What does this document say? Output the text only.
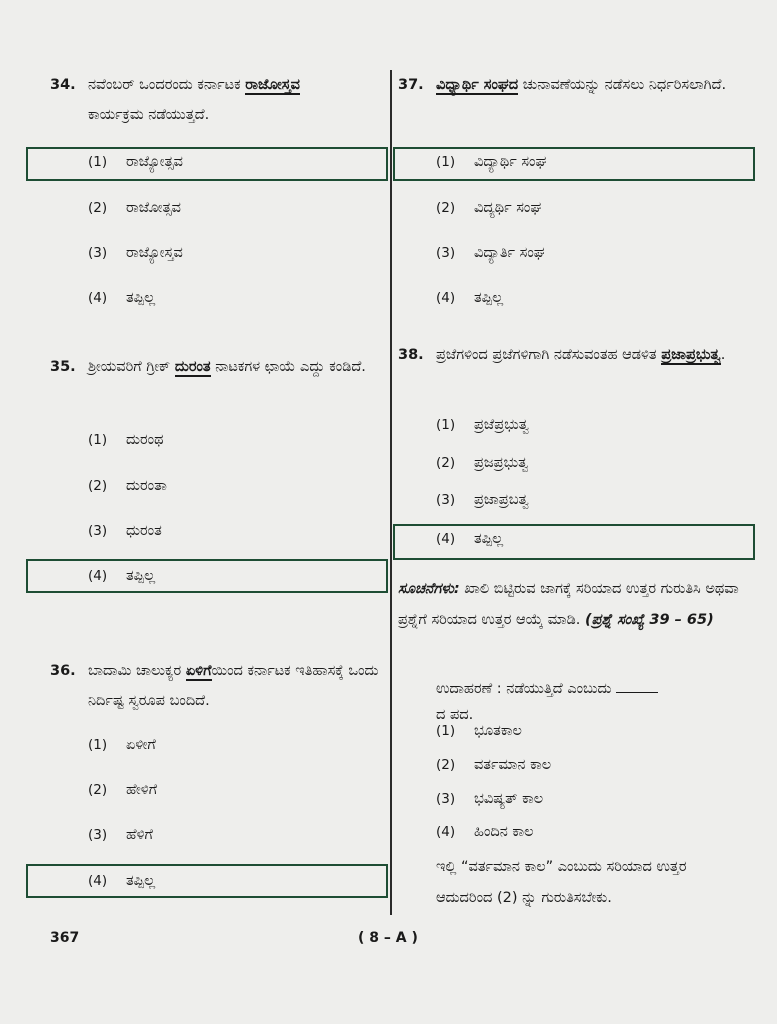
34. ನವೆಂಬರ್ ಒಂದರಂದು ಕರ್ನಾಟಕ ರಾಜೋಸ್ತವ
ಕಾರ್ಯಕ್ರಮ ನಡೆಯುತ್ತದೆ.
(1) ರಾಜ್ಯೋತ್ಸವ
(2) ರಾಜೋತ್ಸವ
(3) ರಾಜ್ಯೋಸ್ತವ
(4) ತಪ್ಪಿಲ್ಲ
35. ಶ್ರೀಯವರಿಗೆ ಗ್ರೀಕ್ ದುರಂತ ನಾಟಕಗಳ ಛಾಯೆ ಎದ್ದು ಕಂಡಿದೆ.
(1) ದುರಂಥ
(2) ದುರಂತಾ
(3) ಧುರಂತ
(4) ತಪ್ಪಿಲ್ಲ
36. ಬಾದಾಮಿ ಚಾಲುಕ್ಯರ ಏಳಿಗೆಯಿಂದ ಕರ್ನಾಟಕ ಇತಿಹಾಸಕ್ಕೆ ಒಂದು ನಿರ್ದಿಷ್ಟ ಸ್ವರೂಪ ಬಂದಿದೆ.
(1) ಏಳೀಗೆ
(2) ಹೇಳಿಗೆ
(3) ಹೆಳಿಗೆ
(4) ತಪ್ಪಿಲ್ಲ
37. ವಿಧ್ಯಾರ್ಥಿ ಸಂಘದ ಚುನಾವಣೆಯನ್ನು ನಡೆಸಲು ನಿರ್ಧರಿಸಲಾಗಿದೆ.
(1) ವಿದ್ಯಾರ್ಥಿ ಸಂಘ
(2) ವಿದ್ಯರ್ಥಿ ಸಂಘ
(3) ವಿದ್ಯಾರ್ತಿ ಸಂಘ
(4) ತಪ್ಪಿಲ್ಲ
38. ಪ್ರಜೆಗಳಿಂದ ಪ್ರಜೆಗಳಿಗಾಗಿ ನಡೆಸುವಂತಹ ಆಡಳಿತ ಪ್ರಜಾಪ್ರಭುತ್ವ.
(1) ಪ್ರಜೆಪ್ರಭುತ್ವ
(2) ಪ್ರಜಪ್ರಭುತ್ವ
(3) ಪ್ರಜಾಪ್ರಬತ್ವ
(4) ತಪ್ಪಿಲ್ಲ
ಸೂಚನೆಗಳು: ಖಾಲಿ ಬಿಟ್ಟಿರುವ ಜಾಗಕ್ಕೆ ಸರಿಯಾದ ಉತ್ತರ ಗುರುತಿಸಿ ಅಥವಾ ಪ್ರಶ್ನೆಗೆ ಸರಿಯಾದ ಉತ್ತರ ಆಯ್ಕೆ ಮಾಡಿ. (ಪ್ರಶ್ನೆ ಸಂಖ್ಯೆ 39 – 65)
ಉದಾಹರಣೆ : ನಡೆಯುತ್ತಿದೆ ಎಂಬುದು
ದ ಪದ.
(1) ಭೂತಕಾಲ
(2) ವರ್ತಮಾನ ಕಾಲ
(3) ಭವಿಷ್ಯತ್ ಕಾಲ
(4) ಹಿಂದಿನ ಕಾಲ
ಇಲ್ಲಿ “ವರ್ತಮಾನ ಕಾಲ” ಎಂಬುದು ಸರಿಯಾದ ಉತ್ತರ ಆದುದರಿಂದ (2) ನ್ನು ಗುರುತಿಸಬೇಕು.
367	( 8 – A )
